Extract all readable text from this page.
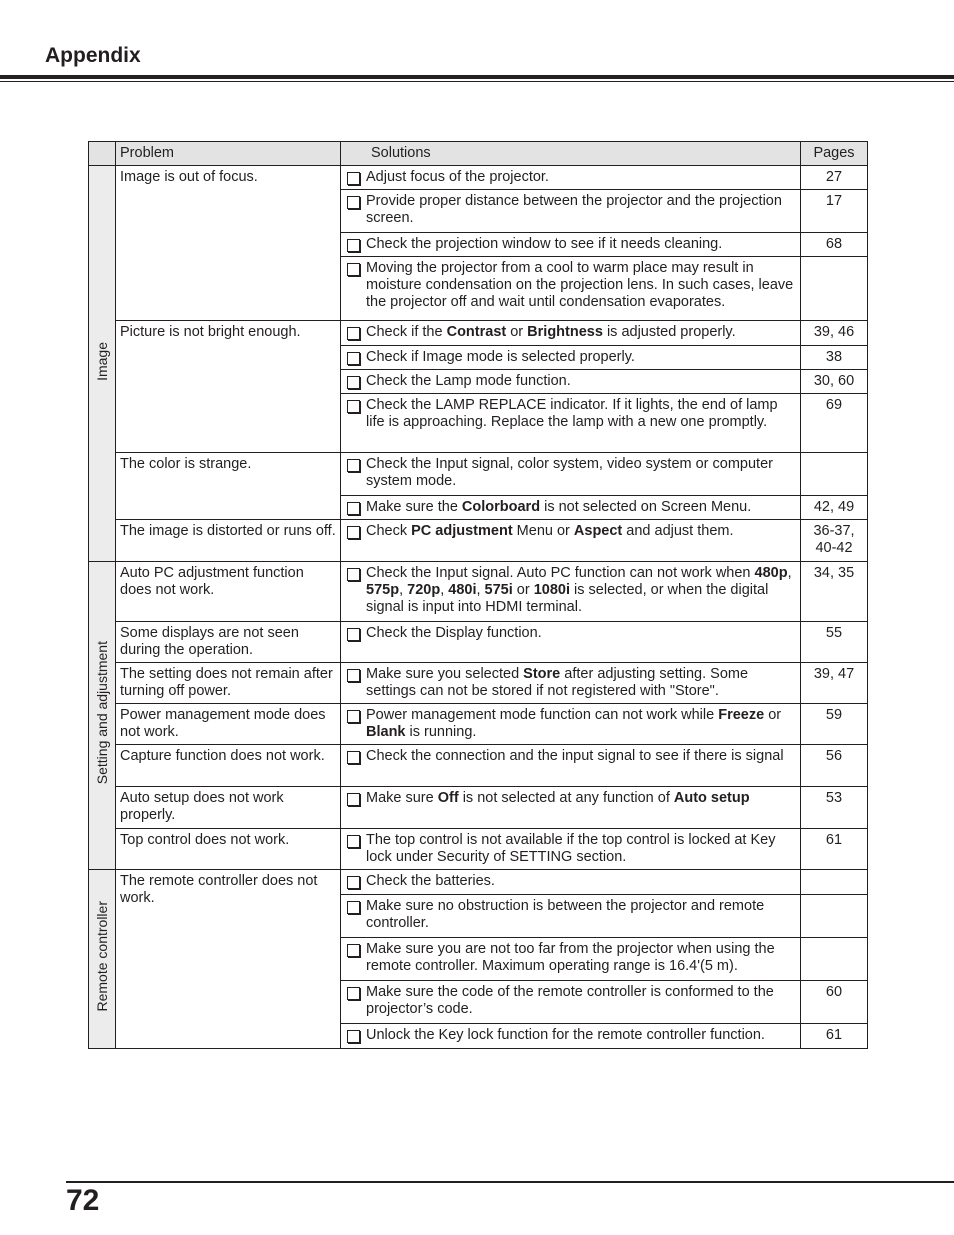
Appendix
	Problem	Solutions	Pages
Image	Image is out of focus.	Adjust focus of the projector.	27

		Provide proper distance between the projector and the projection screen.	17

		Check the projection window to see if it needs cleaning.	68

		Moving the projector from a cool to warm place may result in moisture condensation on the projection lens. In such cases, leave the projector off and wait until condensation evaporates.	

	Picture is not bright enough.	Check if the Contrast or Brightness is adjusted properly.	39, 46

		Check if Image mode is selected properly.	38

		Check the Lamp mode function.	30, 60

		Check the LAMP REPLACE indicator. If it lights, the end of lamp life is approaching. Replace the lamp with a new one promptly.	69
	The color is strange.	Check the Input signal, color system, video system or computer system mode.	

		Make sure the Colorboard is not selected on Screen Menu.	42, 49
	The image is distorted or runs off.	Check PC adjustment Menu or Aspect and adjust them.	36-37, 40-42
Setting and adjustment	Auto PC adjustment function does not work.	Check the Input signal. Auto PC function can not work when 480p, 575p, 720p, 480i, 575i or 1080i is selected, or when the digital signal is input into HDMI terminal.	34, 35
	Some displays are not seen during the operation.	Check the Display function.	55
	The setting does not remain after turning off power.	Make sure you selected Store after adjusting setting. Some settings can not be stored if not registered with "Store".	39, 47
	Power management mode does not work.	Power management mode function can not work while Freeze or Blank is running.	59
	Capture function does not work.	Check the connection and the input signal to see if there is signal	56
	Auto setup does not work properly.	Make sure Off is not selected at any function of Auto setup	53
	Top control does not work.	The top control is not available if the top control is locked at Key lock under Security of SETTING section.	61
Remote controller	The remote controller does not work.	Check the batteries.	

		Make sure no obstruction is between the projector and remote controller.	

		Make sure you are not too far from the projector when using the remote controller. Maximum operating range is 16.4'(5 m).	

		Make sure the code of the remote controller is conformed to the projector’s code.	60

		Unlock the Key lock function for the remote controller function.	61
72
